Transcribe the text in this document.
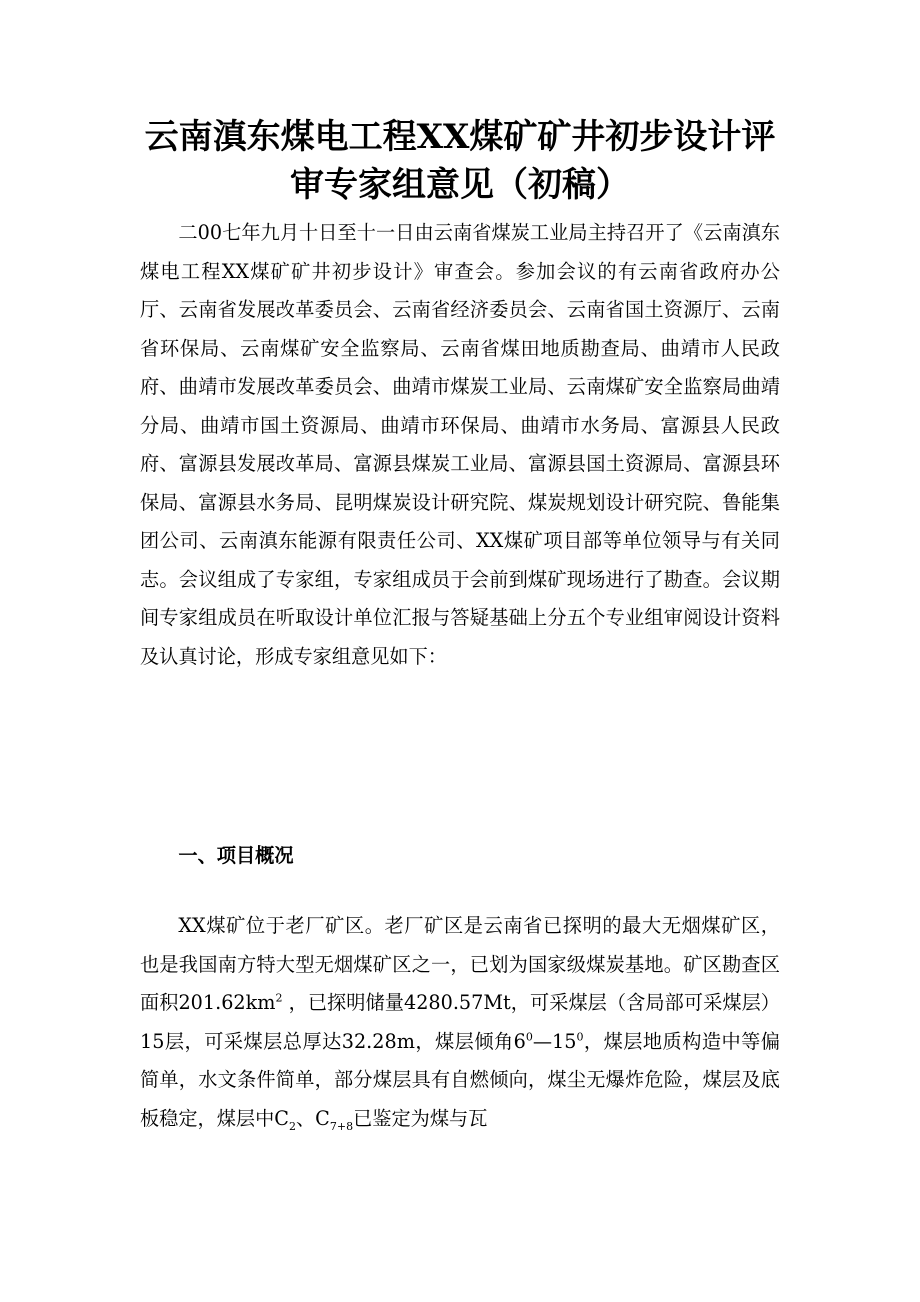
云南滇东煤电工程XX煤矿矿井初步设计评
审专家组意见（初稿）

二00七年九月十日至十一日由云南省煤炭工业局主持召开了《云南滇东煤电工程XX煤矿矿井初步设计》审查会。参加会议的有云南省政府办公厅、云南省发展改革委员会、云南省经济委员会、云南省国土资源厅、云南省环保局、云南煤矿安全监察局、云南省煤田地质勘查局、曲靖市人民政府、曲靖市发展改革委员会、曲靖市煤炭工业局、云南煤矿安全监察局曲靖分局、曲靖市国土资源局、曲靖市环保局、曲靖市水务局、富源县人民政府、富源县发展改革局、富源县煤炭工业局、富源县国土资源局、富源县环保局、富源县水务局、昆明煤炭设计研究院、煤炭规划设计研究院、鲁能集团公司、云南滇东能源有限责任公司、XX煤矿项目部等单位领导与有关同志。会议组成了专家组，专家组成员于会前到煤矿现场进行了勘查。会议期间专家组成员在听取设计单位汇报与答疑基础上分五个专业组审阅设计资料及认真讨论，形成专家组意见如下：

一、项目概况

XX煤矿位于老厂矿区。老厂矿区是云南省已探明的最大无烟煤矿区，也是我国南方特大型无烟煤矿区之一，已划为国家级煤炭基地。矿区勘查区面积$201.62km^2$ ，已探明储量4280.57Mt，可采煤层（含局部可采煤层）15层，可采煤层总厚达32.28m，煤层倾角$6^0—15^0$，煤层地质构造中等偏简单，水文条件简单，部分煤层具有自燃倾向，煤尘无爆炸危险，煤层及底板稳定，煤层中$C_2$、$C_{7+8}$已鉴定为煤与瓦
